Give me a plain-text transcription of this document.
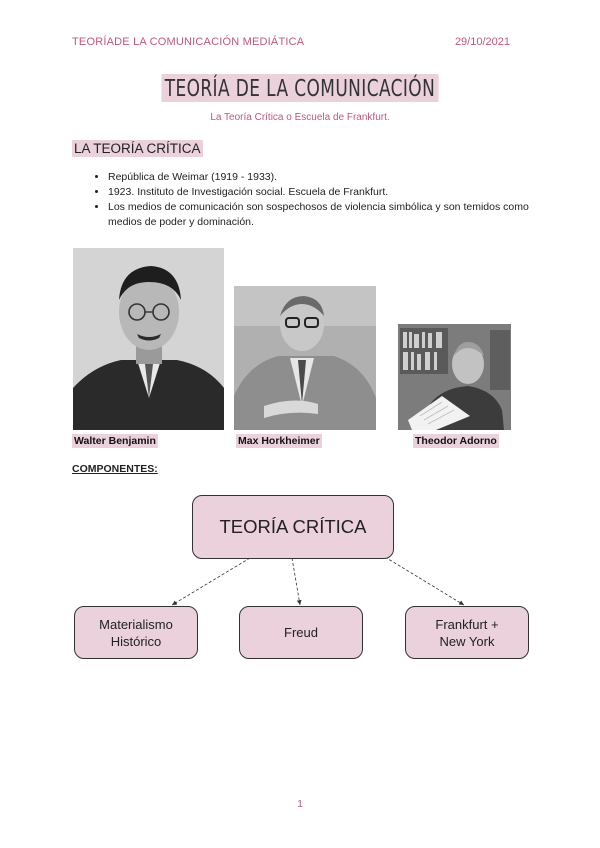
TEORÍADE LA COMUNICACIÓN MEDIÁTICA	29/10/2021
TEORÍA DE LA COMUNICACIÓN
La Teoría Crítica o Escuela de Frankfurt.
LA TEORÍA CRÍTICA
• República de Weimar (1919 - 1933).
• 1923. Instituto de Investigación social. Escuela de Frankfurt.
• Los medios de comunicación son sospechosos de violencia simbólica y son temidos como medios de poder y dominación.
Walter Benjamin	Max Horkheimer	Theodor Adorno
COMPONENTES:
TEORÍA CRÍTICA
Materialismo
Histórico
Freud
Frankfurt +
New York
1
